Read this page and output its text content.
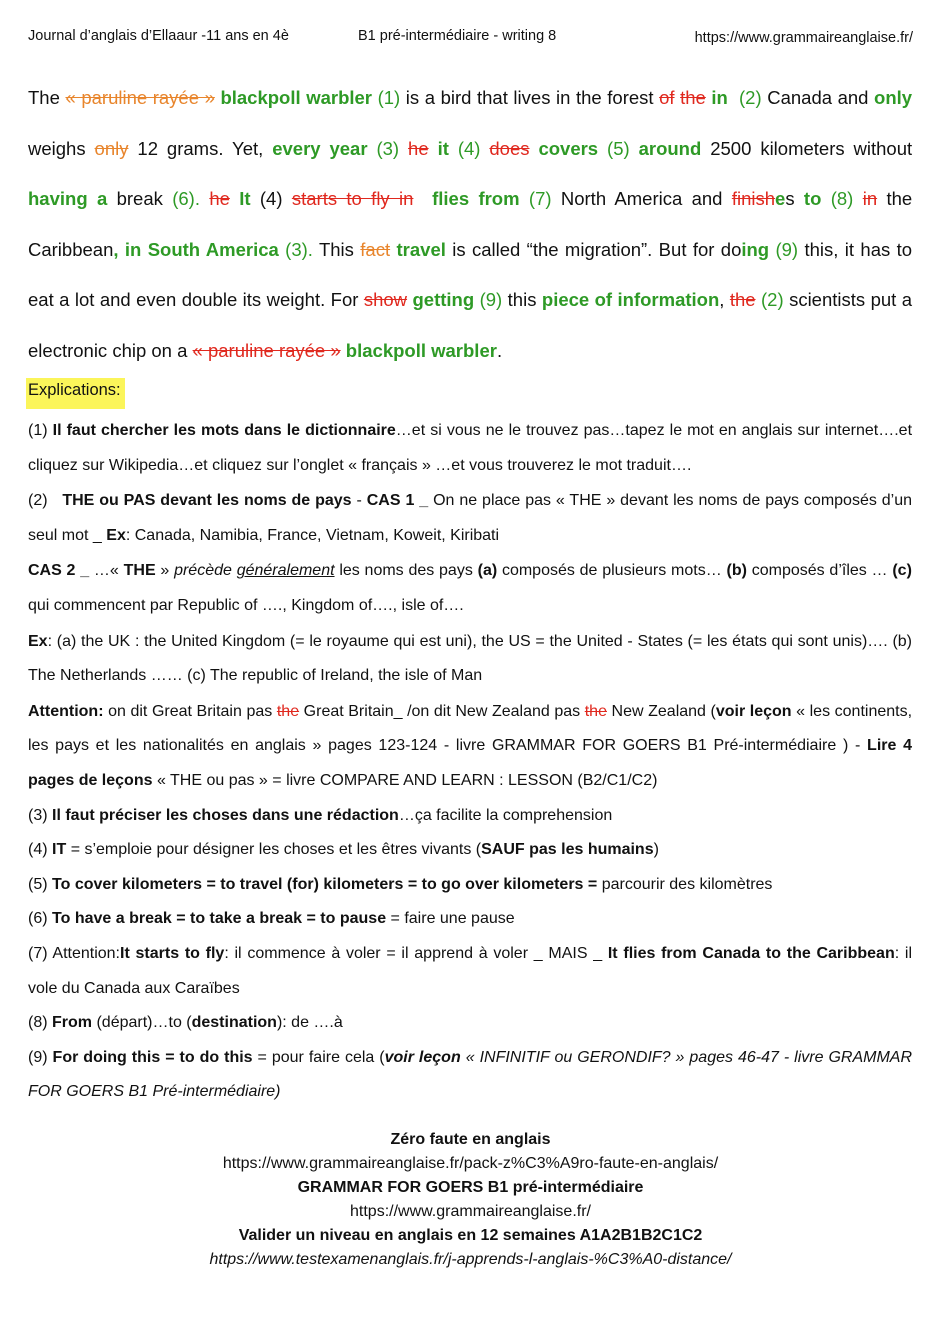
Journal d’anglais d’Ellaaur -11 ans en 4è	B1 pré-intermédiaire - writing 8	https://www.grammaireanglaise.fr/
The « paruline rayée » blackpoll warbler (1) is a bird that lives in the forest of the in (2) Canada and only weighs only 12 grams. Yet, every year (3) he it (4) does covers (5) around 2500 kilometers without having a break (6). he It (4) starts to fly in flies from (7) North America and finishes to (8) in the Caribbean, in South America (3). This fact travel is called “the migration”. But for doing (9) this, it has to eat a lot and even double its weight. For show getting (9) this piece of information, the (2) scientists put a electronic chip on a « paruline rayée » blackpoll warbler.
Explications:

(1) Il faut chercher les mots dans le dictionnaire…et si vous ne le trouvez pas…tapez le mot en anglais sur internet….et cliquez sur Wikipedia…et cliquez sur l’onglet « français » …et vous trouverez le mot traduit….

(2) THE ou PAS devant les noms de pays - CAS 1 _ On ne place pas « THE » devant les noms de pays composés d’un seul mot _ Ex: Canada, Namibia, France, Vietnam, Koweit, Kiribati

CAS 2 _ …« THE » précède généralement les noms des pays (a) composés de plusieurs mots… (b) composés d’îles … (c) qui commencent par Republic of …., Kingdom of…., isle of….

Ex: (a) the UK : the United Kingdom (= le royaume qui est uni), the US = the United - States (= les états qui sont unis)…. (b) The Netherlands …… (c) The republic of Ireland, the isle of Man

Attention: on dit Great Britain pas the Great Britain_ /on dit New Zealand pas the New Zealand (voir leçon « les continents, les pays et les nationalités en anglais » pages 123-124 - livre GRAMMAR FOR GOERS B1 Pré-intermédiaire ) - Lire 4 pages de leçons « THE ou pas » = livre COMPARE AND LEARN : LESSON (B2/C1/C2)

(3) Il faut préciser les choses dans une rédaction…ça facilite la comprehension

(4) IT = s’emploie pour désigner les choses et les êtres vivants (SAUF pas les humains)

(5) To cover kilometers = to travel (for) kilometers = to go over kilometers = parcourir des kilomètres

(6) To have a break = to take a break = to pause = faire une pause

(7) Attention:It starts to fly: il commence à voler = il apprend à voler _ MAIS _ It flies from Canada to the Caribbean: il vole du Canada aux Caraïbes

(8) From (départ)…to (destination): de ….à

(9) For doing this = to do this = pour faire cela (voir leçon « INFINITIF ou GERONDIF? » pages 46-47 - livre GRAMMAR FOR GOERS B1 Pré-intermédiaire)

Zéro faute en anglais
https://www.grammaireanglaise.fr/pack-z%C3%A9ro-faute-en-anglais/
GRAMMAR FOR GOERS B1 pré-intermédiaire
https://www.grammaireanglaise.fr/
Valider un niveau en anglais en 12 semaines A1A2B1B2C1C2
https://www.testexamenanglais.fr/j-apprends-l-anglais-%C3%A0-distance/
